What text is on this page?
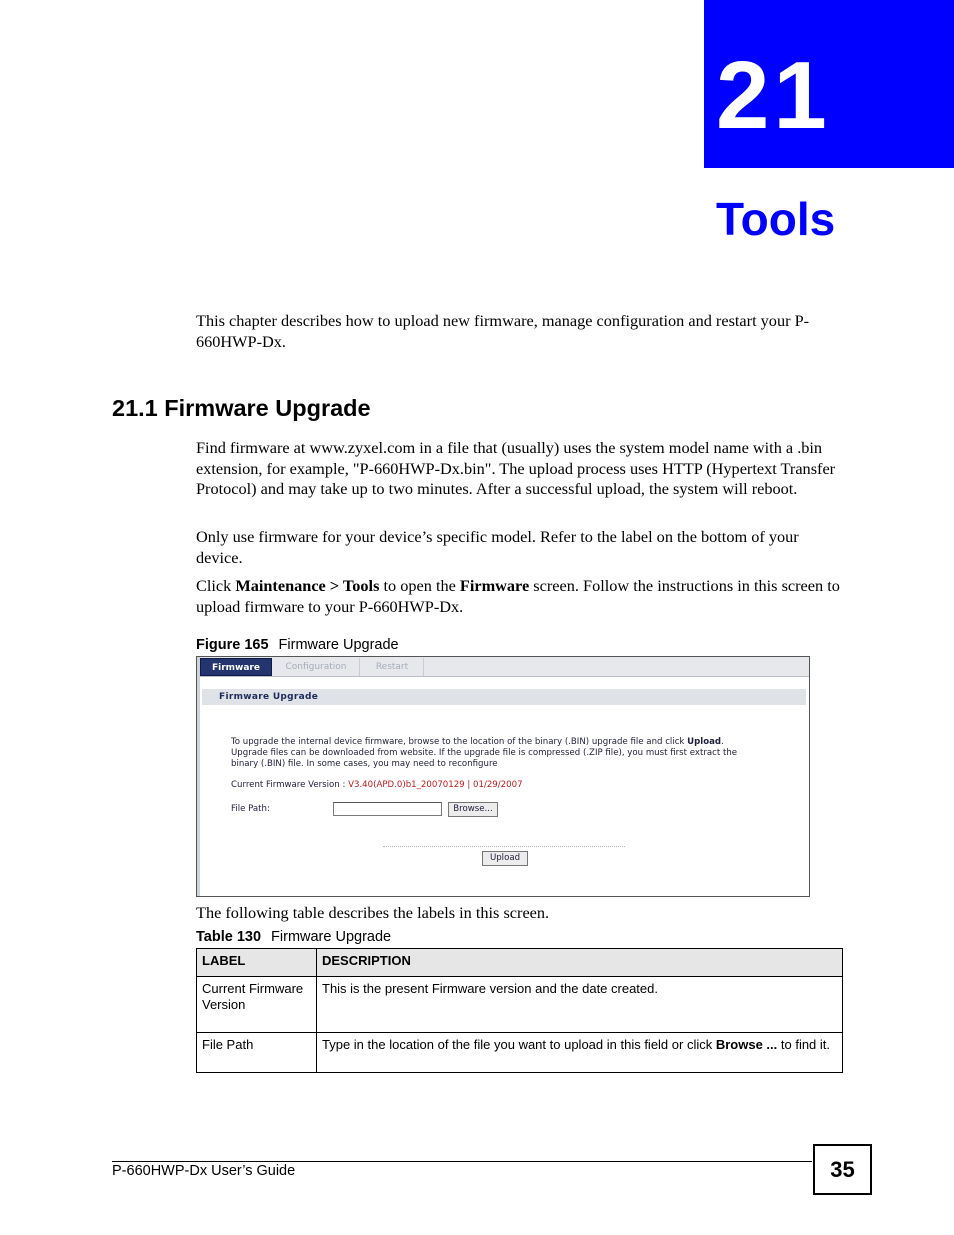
21
Tools

This chapter describes how to upload new firmware, manage configuration and restart your P-660HWP-Dx.

21.1 Firmware Upgrade

Find firmware at www.zyxel.com in a file that (usually) uses the system model name with a .bin extension, for example, "P-660HWP-Dx.bin". The upload process uses HTTP (Hypertext Transfer Protocol) and may take up to two minutes. After a successful upload, the system will reboot.

Only use firmware for your device’s specific model. Refer to the label on the bottom of your device.

Click Maintenance > Tools to open the Firmware screen. Follow the instructions in this screen to upload firmware to your P-660HWP-Dx.

Figure 165 Firmware Upgrade
Firmware	Configuration	Restart
Firmware Upgrade
To upgrade the internal device firmware, browse to the location of the binary (.BIN) upgrade file and click Upload.
Upgrade files can be downloaded from website. If the upgrade file is compressed (.ZIP file), you must first extract the
binary (.BIN) file. In some cases, you may need to reconfigure
Current Firmware Version : V3.40(APD.0)b1_20070129 | 01/29/2007
File Path:	Browse...
Upload

The following table describes the labels in this screen.

Table 130 Firmware Upgrade
LABEL	DESCRIPTION
Current Firmware Version	This is the present Firmware version and the date created.
File Path	Type in the location of the file you want to upload in this field or click Browse ... to find it.
P-660HWP-Dx User’s Guide	35
